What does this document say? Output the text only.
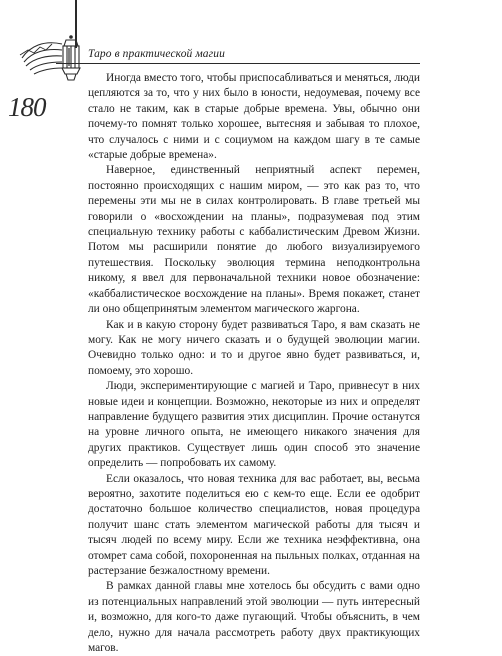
Таро в практической магии
180

Иногда вместо того, чтобы приспосабливаться и меняться, люди цепляются за то, что у них было в юности, недоумевая, почему все стало не таким, как в старые добрые времена. Увы, обычно они почему-то помнят только хорошее, вытесняя и забывая то плохое, что случалось с ними и с социумом на каждом шагу в те самые «старые добрые времена».

Наверное, единственный неприятный аспект перемен, постоянно происходящих с нашим миром, — это как раз то, что перемены эти мы не в силах контролировать. В главе третьей мы говорили о «восхождении на планы», подразумевая под этим специальную технику работы с каббалистическим Древом Жизни. Потом мы расширили понятие до любого визуализируемого путешествия. Поскольку эволюция термина неподконтрольна никому, я ввел для первоначальной техники новое обозначение: «каббалистическое восхождение на планы». Время покажет, станет ли оно общепринятым элементом магического жаргона.

Как и в какую сторону будет развиваться Таро, я вам сказать не могу. Как не могу ничего сказать и о будущей эволюции магии. Очевидно только одно: и то и другое явно будет развиваться, и, помоему, это хорошо.

Люди, экспериментирующие с магией и Таро, привнесут в них новые идеи и концепции. Возможно, некоторые из них и определят направление будущего развития этих дисциплин. Прочие останутся на уровне личного опыта, не имеющего никакого значения для других практиков. Существует лишь один способ это значение определить — попробовать их самому.

Если оказалось, что новая техника для вас работает, вы, весьма вероятно, захотите поделиться ею с кем-то еще. Если ее одобрит достаточно большое количество специалистов, новая процедура получит шанс стать элементом магической работы для тысяч и тысяч людей по всему миру. Если же техника неэффективна, она отомрет сама собой, похороненная на пыльных полках, отданная на растерзание безжалостному времени.

В рамках данной главы мне хотелось бы обсудить с вами одно из потенциальных направлений этой эволюции — путь интересный и, возможно, для кого-то даже пугающий. Чтобы объяснить, в чем дело, нужно для начала рассмотреть работу двух практикующих магов.
